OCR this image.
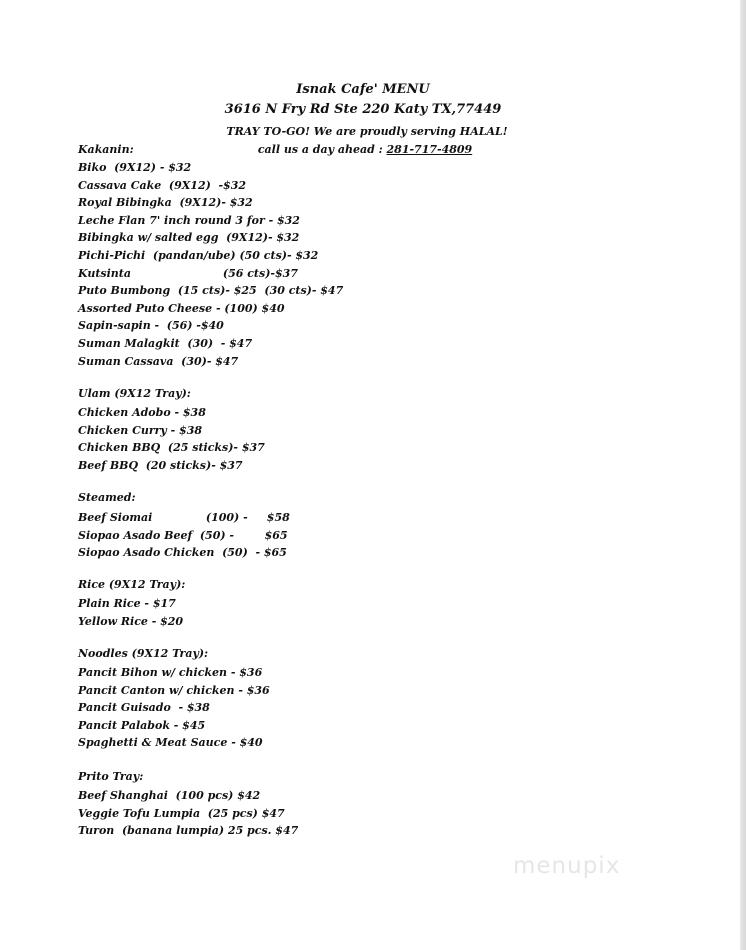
Isnak Cafe' MENU
3616 N Fry Rd Ste 220 Katy TX,77449
TRAY TO-GO! We are proudly serving HALAL!
call us a day ahead : 281-717-4809
Kakanin:
Biko  (9X12) - $32
Cassava Cake  (9X12)  -$32
Royal Bibingka  (9X12)- $32
Leche Flan 7' inch round 3 for - $32
Bibingka w/ salted egg  (9X12)- $32
Pichi-Pichi  (pandan/ube) (50 cts)- $32
Kutsinta                        (56 cts)-$37
Puto Bumbong  (15 cts)- $25  (30 cts)- $47
Assorted Puto Cheese - (100) $40
Sapin-sapin -  (56) -$40
Suman Malagkit  (30)  - $47
Suman Cassava  (30)- $47
Ulam (9X12 Tray):
Chicken Adobo - $38
Chicken Curry - $38
Chicken BBQ  (25 sticks)- $37
Beef BBQ  (20 sticks)- $37
Steamed:
Beef Siomai              (100) -     $58
Siopao Asado Beef  (50) -        $65
Siopao Asado Chicken  (50)  - $65
Rice (9X12 Tray):
Plain Rice - $17
Yellow Rice - $20
Noodles (9X12 Tray):
Pancit Bihon w/ chicken - $36
Pancit Canton w/ chicken - $36
Pancit Guisado  - $38
Pancit Palabok - $45
Spaghetti & Meat Sauce - $40
Prito Tray:
Beef Shanghai  (100 pcs) $42
Veggie Tofu Lumpia  (25 pcs) $47
Turon  (banana lumpia) 25 pcs. $47
menupix
